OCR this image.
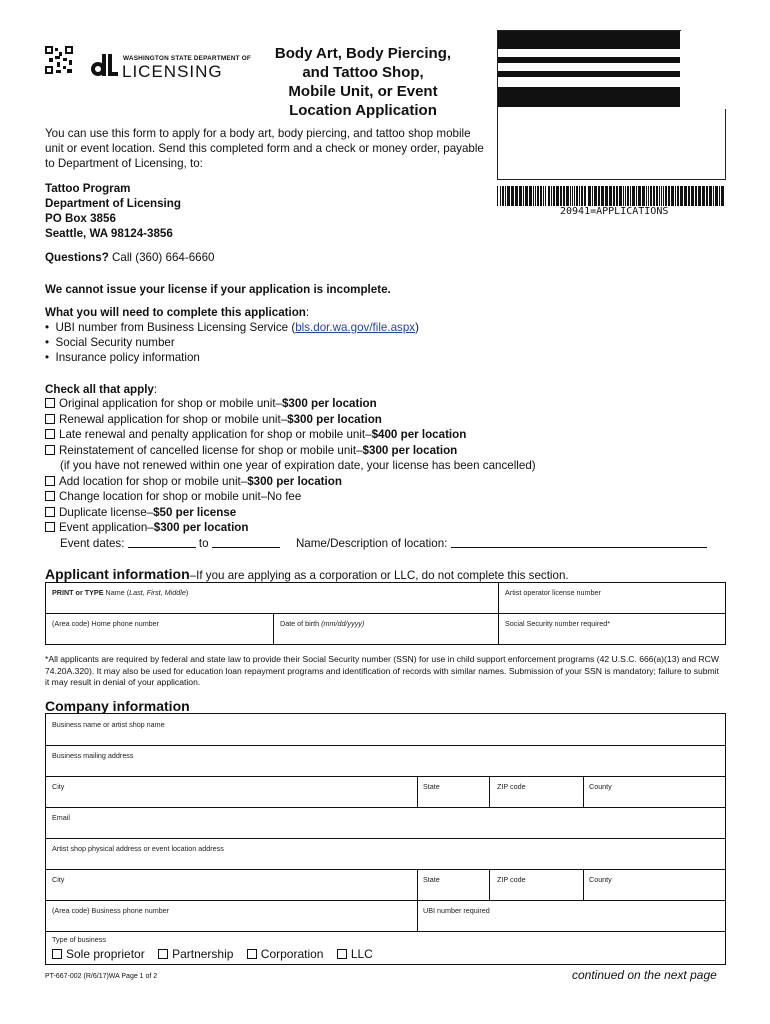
WASHINGTON STATE DEPARTMENT OF
LICENSING
Body Art, Body Piercing,
and Tattoo Shop,
Mobile Unit, or Event
Location Application
20941=APPLICATIONS
You can use this form to apply for a body art, body piercing, and tattoo shop mobile unit or event location. Send this completed form and a check or money order, payable to Department of Licensing, to:
Tattoo Program
Department of Licensing
PO Box 3856
Seattle, WA 98124-3856
Questions? Call (360) 664-6660
We cannot issue your license if your application is incomplete.
What you will need to complete this application:
•  UBI number from Business Licensing Service (bls.dor.wa.gov/file.aspx)
•  Social Security number
•  Insurance policy information
Check all that apply:
Original application for shop or mobile unit–$300 per location
Renewal application for shop or mobile unit–$300 per location
Late renewal and penalty application for shop or mobile unit–$400 per location
Reinstatement of cancelled license for shop or mobile unit–$300 per location
(if you have not renewed within one year of expiration date, your license has been cancelled)
Add location for shop or mobile unit–$300 per location
Change location for shop or mobile unit–No fee
Duplicate license–$50 per license
Event application–$300 per location
Event dates:	to	Name/Description of location:
Applicant information–If you are applying as a corporation or LLC, do not complete this section.
PRINT or TYPE Name (Last, First, Middle)	Artist operator license number
(Area code) Home phone number	Date of birth (mm/dd/yyyy)	Social Security number required*
*All applicants are required by federal and state law to provide their Social Security number (SSN) for use in child support enforcement programs (42 U.S.C. 666(a)(13) and RCW 74.20A.320). It may also be used for education loan repayment programs and identification of records with similar names. Submission of your SSN is mandatory; failure to submit it may result in denial of your application.
Company information
Business name or artist shop name
Business mailing address
City	State	ZIP code	County
Email
Artist shop physical address or event location address
City	State	ZIP code	County
(Area code) Business phone number	UBI number required
Type of business
Sole proprietor Partnership Corporation LLC
PT-667-002 (R/6/17)WA Page 1 of 2	continued on the next page
